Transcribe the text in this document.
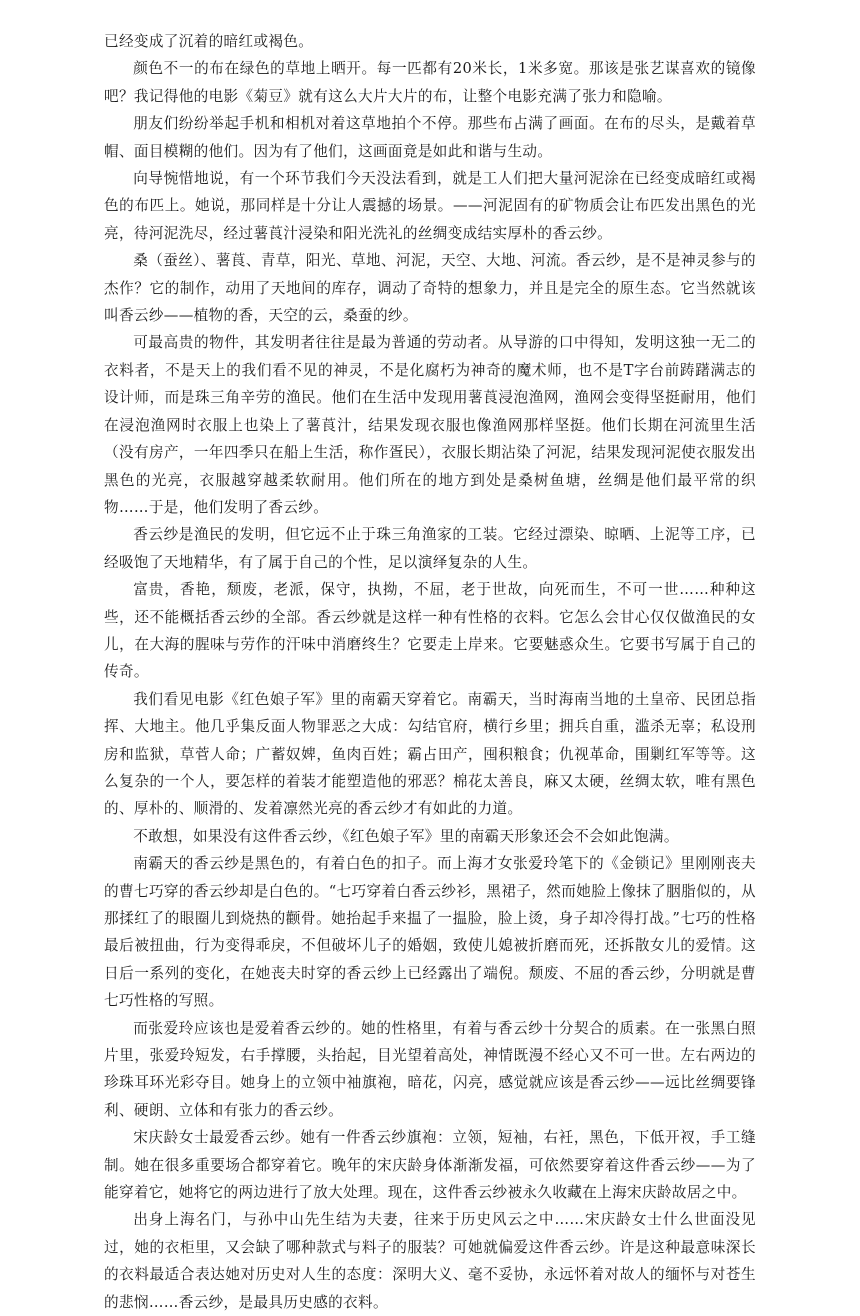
已经变成了沉着的暗红或褐色。

颜色不一的布在绿色的草地上晒开。每一匹都有20米长，1米多宽。那该是张艺谋喜欢的镜像吧？我记得他的电影《菊豆》就有这么大片大片的布，让整个电影充满了张力和隐喻。

朋友们纷纷举起手机和相机对着这草地拍个不停。那些布占满了画面。在布的尽头，是戴着草帽、面目模糊的他们。因为有了他们，这画面竟是如此和谐与生动。

向导惋惜地说，有一个环节我们今天没法看到，就是工人们把大量河泥涂在已经变成暗红或褐色的布匹上。她说，那同样是十分让人震撼的场景。——河泥固有的矿物质会让布匹发出黑色的光亮，待河泥洗尽，经过薯莨汁浸染和阳光洗礼的丝绸变成结实厚朴的香云纱。

桑（蚕丝）、薯莨、青草，阳光、草地、河泥，天空、大地、河流。香云纱，是不是神灵参与的杰作？它的制作，动用了天地间的库存，调动了奇特的想象力，并且是完全的原生态。它当然就该叫香云纱——植物的香，天空的云，桑蚕的纱。

可最高贵的物件，其发明者往往是最为普通的劳动者。从导游的口中得知，发明这独一无二的衣料者，不是天上的我们看不见的神灵，不是化腐朽为神奇的魔术师，也不是T字台前踌躇满志的设计师，而是珠三角辛劳的渔民。他们在生活中发现用薯莨浸泡渔网，渔网会变得坚挺耐用，他们在浸泡渔网时衣服上也染上了薯莨汁，结果发现衣服也像渔网那样坚挺。他们长期在河流里生活（没有房产，一年四季只在船上生活，称作疍民），衣服长期沾染了河泥，结果发现河泥使衣服发出黑色的光亮，衣服越穿越柔软耐用。他们所在的地方到处是桑树鱼塘，丝绸是他们最平常的织物……于是，他们发明了香云纱。

香云纱是渔民的发明，但它远不止于珠三角渔家的工装。它经过漂染、晾晒、上泥等工序，已经吸饱了天地精华，有了属于自己的个性，足以演绎复杂的人生。

富贵，香艳，颓废，老派，保守，执拗，不屈，老于世故，向死而生，不可一世……种种这些，还不能概括香云纱的全部。香云纱就是这样一种有性格的衣料。它怎么会甘心仅仅做渔民的女儿，在大海的腥味与劳作的汗味中消磨终生？它要走上岸来。它要魅惑众生。它要书写属于自己的传奇。

我们看见电影《红色娘子军》里的南霸天穿着它。南霸天，当时海南当地的土皇帝、民团总指挥、大地主。他几乎集反面人物罪恶之大成：勾结官府，横行乡里；拥兵自重，滥杀无辜；私设刑房和监狱，草菅人命；广蓄奴婢，鱼肉百姓；霸占田产，囤积粮食；仇视革命，围剿红军等等。这么复杂的一个人，要怎样的着装才能塑造他的邪恶？棉花太善良，麻又太硬，丝绸太软，唯有黑色的、厚朴的、顺滑的、发着凛然光亮的香云纱才有如此的力道。

不敢想，如果没有这件香云纱，《红色娘子军》里的南霸天形象还会不会如此饱满。

南霸天的香云纱是黑色的，有着白色的扣子。而上海才女张爱玲笔下的《金锁记》里刚刚丧夫的曹七巧穿的香云纱却是白色的。“七巧穿着白香云纱衫，黑裙子，然而她脸上像抹了胭脂似的，从那揉红了的眼圈儿到烧热的颧骨。她抬起手来揾了一揾脸，脸上烫，身子却冷得打战。”七巧的性格最后被扭曲，行为变得乖戾，不但破坏儿子的婚姻，致使儿媳被折磨而死，还拆散女儿的爱情。这日后一系列的变化，在她丧夫时穿的香云纱上已经露出了端倪。颓废、不屈的香云纱，分明就是曹七巧性格的写照。

而张爱玲应该也是爱着香云纱的。她的性格里，有着与香云纱十分契合的质素。在一张黑白照片里，张爱玲短发，右手撑腰，头抬起，目光望着高处，神情既漫不经心又不可一世。左右两边的珍珠耳环光彩夺目。她身上的立领中袖旗袍，暗花，闪亮，感觉就应该是香云纱——远比丝绸要锋利、硬朗、立体和有张力的香云纱。

宋庆龄女士最爱香云纱。她有一件香云纱旗袍：立领，短袖，右衽，黑色，下低开衩，手工缝制。她在很多重要场合都穿着它。晚年的宋庆龄身体渐渐发福，可依然要穿着这件香云纱——为了能穿着它，她将它的两边进行了放大处理。现在，这件香云纱被永久收藏在上海宋庆龄故居之中。

出身上海名门，与孙中山先生结为夫妻，往来于历史风云之中……宋庆龄女士什么世面没见过，她的衣柜里，又会缺了哪种款式与料子的服装？可她就偏爱这件香云纱。许是这种最意味深长的衣料最适合表达她对历史对人生的态度：深明大义、毫不妥协，永远怀着对故人的缅怀与对苍生的悲悯……香云纱，是最具历史感的衣料。
